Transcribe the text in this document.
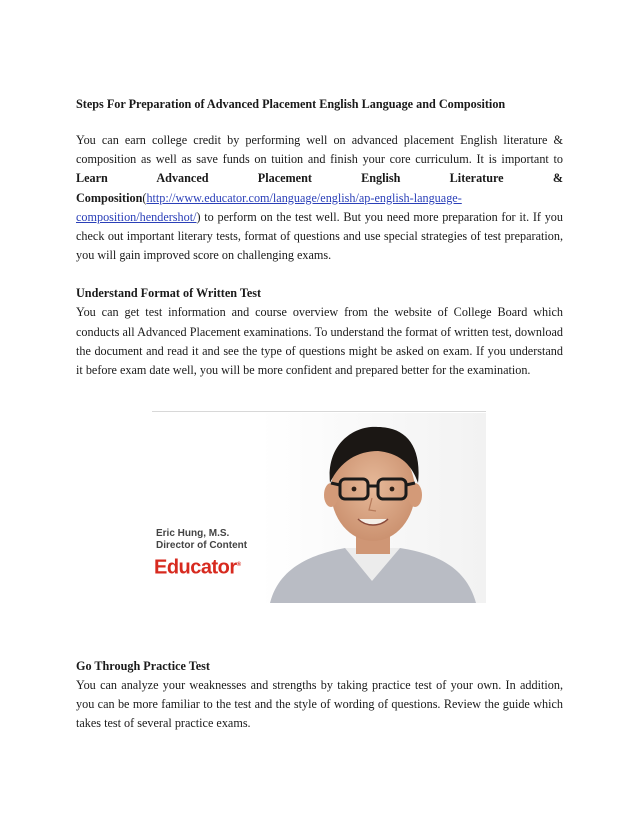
Steps For Preparation of Advanced Placement English Language and Composition

You can earn college credit by performing well on advanced placement English literature & composition as well as save funds on tuition and finish your core curriculum. It is important to Learn Advanced Placement English Literature & Composition(http://www.educator.com/language/english/ap-english-language-composition/hendershot/) to perform on the test well. But you need more preparation for it. If you check out important literary tests, format of questions and use special strategies of test preparation, you will gain improved score on challenging exams.

Understand Format of Written Test

You can get test information and course overview from the website of College Board which conducts all Advanced Placement examinations. To understand the format of written test, download the document and read it and see the type of questions might be asked on exam. If you understand it before exam date well, you will be more confident and prepared better for the examination.

Eric Hung, M.S.
Director of Content
Educator®

Go Through Practice Test

You can analyze your weaknesses and strengths by taking practice test of your own. In addition, you can be more familiar to the test and the style of wording of questions. Review the guide which takes test of several practice exams.
